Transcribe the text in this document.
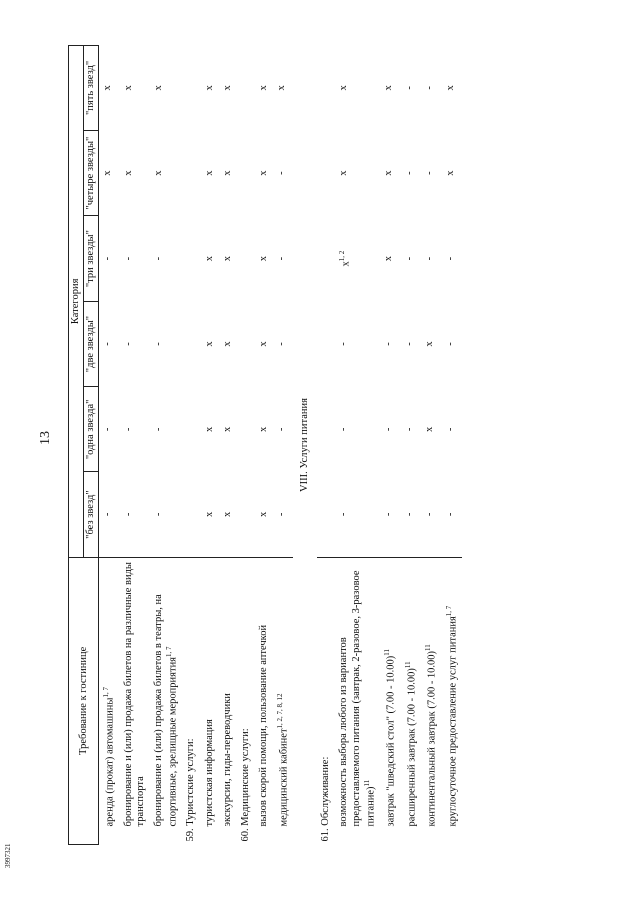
13
3997321
Требование к гостинице	Категория					
	"без звезд"	"одна звезда"	"две звезды"	"три звезды"	"четыре звезды"	"пять звезд"
аренда (прокат) автомашины$^{1, 7}$	-	-	-	-	x	x
бронирование и (или) продажа билетов на различные виды транспорта	-	-	-	-	x	x
бронирование и (или) продажа билетов в театры, на спортивные, зрелищные мероприятия$^{1, 7}$	-	-	-	-	x	x
59. Туристские услуги:						
туристская информация	x	x	x	x	x	x
экскурсии, гиды-переводчики	x	x	x	x	x	x
60. Медицинские услуги:						
вызов скорой помощи, пользование аптечкой	x	x	x	x	x	x
медицинский кабинет$^{1, 2, 7, 8, 12}$	-	-	-	-	-	x
VIII. Услуги питания						
61. Обслуживание:						
возможность выбора любого из вариантов предоставляемого питания (завтрак, 2-разовое, 3-разовое питание)$^{11}$	-	-	-	$x^{1, 2}$	x	x
завтрак "шведский стол" (7.00 - 10.00)$^{11}$	-	-	-	x	x	x
расширенный завтрак (7.00 - 10.00)$^{11}$	-	-	-	-	-	-
континентальный завтрак (7.00 - 10.00)$^{11}$	-	x	x	-	-	-
круглосуточное предоставление услуг питания$^{1, 7}$	-	-	-	-	x	x
